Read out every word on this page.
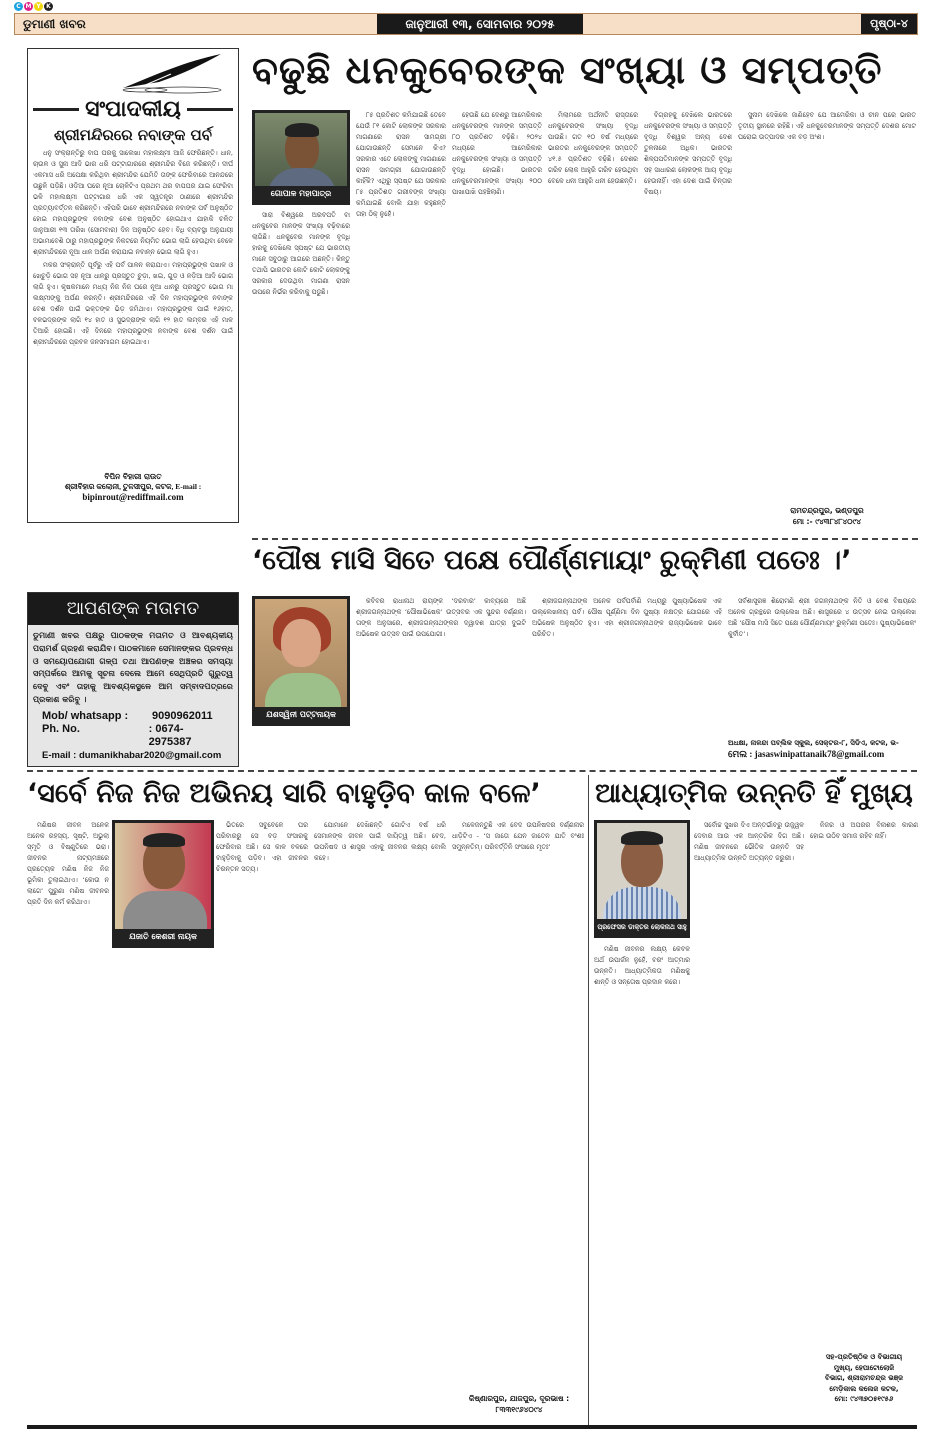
C M Y K
ଡୁମାଣୀ ଖବର	ଜାନୁଆରୀ ୧୩, ସୋମବାର ୨୦୨୫	ପୃଷ୍ଠା-୪
ସଂପାଦକୀୟ
ଶ୍ରୀମନ୍ଦିରରେ ନବାଙ୍କ ପର୍ବ

ଧନୁ ସଂକ୍ରାନ୍ତିରୁ ବାଘ ଘରକୁ ସାଲେଖା ମହାଲକ୍ଷ୍ମୀ ଆଜି ଫେରିଛନ୍ତି। ଧାନ, ଚାଉଳ ଓ ସୁନା ଆଦି ଭାର ଧରି ପଟ୍ଟାଗାରରେ ଶ୍ରୀମନ୍ଦିର ବିଜେ କରିଛନ୍ତି। ଦୀର୍ଘ ଏକମାସ ଧରି ଅପେକ୍ଷା କରିଥିବା ଶ୍ରୀମନ୍ଦିର ଯେମିତି ତାଙ୍କ ଫେରିବାରେ ଆନନ୍ଦରେ ଉଛୁଳି ପଡ଼ିଛି। ଓଡ଼ିଆ ଘରେ ନୂଆ ଚୋଳିଟିଏ ପ୍ରଥମ ଥର ବାପଘର ଯାଇ ଫେରିବା ଭଳି ମହାଲକ୍ଷ୍ମୀ ପଟ୍ଟାଗାର ଧରି ଏକ ସ୍ୱତନ୍ତ୍ର ଠାଣୀରେ ଶ୍ରୀମନ୍ଦିର ପ୍ରତ୍ୟାବର୍ତ୍ତନ କରିଛନ୍ତି। ଏହିପରି ଭାବେ ଶ୍ରୀମନ୍ଦିରରେ ନବାଙ୍କ ପର୍ବ ଅନୁଷ୍ଠିତ ହୋଇ ମହାପ୍ରଭୁଙ୍କ ନବାଙ୍କ ବେଶ ଅନୁଷ୍ଠିତ ହୋଇଥାଏ ଯାହାକି ଚଳିତ ଜାନୁଆରୀ ୧୩ ତାରିଖ (ସୋମବାର) ଦିନ ଅନୁଷ୍ଠିତ ହେବ। ବିଧି ବ୍ୟବସ୍ଥା ଅନୁଯାୟୀ ଅଭାମାବେଶି ଠାରୁ ମହାପ୍ରଭୁଙ୍କ ନିକଟରେ ନିୟମିତ ଭୋଗ ଲାଗି ହେଉଥିବା ବେଳେ ଶ୍ରୀମନ୍ଦିରରେ ନୂଆ ଧାନ ଅର୍ପଣ କରାଯାଇ ନବାନ୍ନ ଭୋଗ ଲାଗି ହୁଏ।

ମକର ସଂକ୍ରାନ୍ତି ପୂର୍ବରୁ ଏହି ପର୍ବ ପାଳନ କରାଯାଏ। ମହାପ୍ରଭୁଙ୍କ ପଖାଳ ଓ ଖେଚୁଡ଼ି ଭୋଗ ସହ ନୂଆ ଧାନରୁ ପ୍ରସ୍ତୁତ ଚୁଡ଼ା, ଖଇ, ଗୁଡ଼ ଓ ନଡ଼ିଆ ଆଦି ଭୋଗ ଲାଗି ହୁଏ। କୃଷକମାନେ ମଧ୍ୟ ନିଜ ନିଜ ଘରେ ନୂଆ ଧାନରୁ ପ୍ରସ୍ତୁତ ଭୋଗ ମା ଲକ୍ଷ୍ମୀଙ୍କୁ ଅର୍ପଣ କରନ୍ତି। ଶ୍ରୀମନ୍ଦିରରେ ଏହି ଦିନ ମହାପ୍ରଭୁଙ୍କ ନବାଙ୍କ ବେଶ ଦର୍ଶନ ପାଇଁ ଭକ୍ତଙ୍କ ଭିଡ଼ ଜମିଥାଏ। ମହାପ୍ରଭୁଙ୍କ ପାଇଁ ୧୬ହାତ, ବଳଭଦ୍ରଙ୍କ ଲାଗି ୧୪ ହାତ ଓ ସୁଭଦ୍ରାଙ୍କ ଲାଗି ୧୨ ହାତ ଲମ୍ବର ଏହି ମାଳ ତିଆରି ହୋଇଛି। ଏହି ଦିନରେ ମହାପ୍ରଭୁଙ୍କ ନବାଙ୍କ ବେଶ ଦର୍ଶନ ପାଇଁ ଶ୍ରୀମନ୍ଦିରରେ ପ୍ରବଳ ଜନସମାଗମ ହୋଇଥାଏ।

ବିପିନ ବିହାରୀ ରାଉତ
ଶ୍ରୀବିହାର କଲୋନୀ, ତୁଳସୀପୁର, କଟକ, E-mail :
bipinrout@rediffmail.com
ଆପଣଙ୍କ ମତାମତ
ଡୁମାଣୀ ଖବର ପକ୍ଷରୁ ପାଠକଙ୍କ ମତାମତ ଓ ଆବଶ୍ୟକୀୟ ପରାମର୍ଶ ଗ୍ରହଣ କରାଯିବ। ପାଠକମାନେ ସେମାନଙ୍କର ପ୍ରବନ୍ଧ ଓ ସମୟୋପଯୋଗୀ ଗଳ୍ପ ତଥା ଆପଣଙ୍କ ଅଞ୍ଚଳର ସମସ୍ୟା ସମ୍ପର୍କରେ ଆମକୁ ସୂଚନା ଦେଲେ ଆମେ ସେଥିପ୍ରତି ଗୁରୁତ୍ୱ ଦେବୁ ଏବଂ ତାହାକୁ ଆବଶ୍ୟକସ୍ଥଳେ ଆମ ସମ୍ବାଦପତ୍ରରେ ପ୍ରକାଶ କରିବୁ ।
Mob/ whatsapp :	9090962011
Ph. No.	: 0674-2975387
E-mail : dumanikhabar2020@gmail.com
ବଢୁଛି ଧନକୁବେରଙ୍କ ସଂଖ୍ୟା ଓ ସମ୍ପତ୍ତି
ଗୋପାଳ ମହାପାତ୍ର

ସାରା ବିଶ୍ୱରେ ଅରବପତି ବା ଧନକୁବେର ମାନଙ୍କ ସଂଖ୍ୟା ବଢ଼ିବାରେ ଲାଗିଛି। ଧନକୁବେର ମାନଙ୍କ ବୃଦ୍ଧି ହାରକୁ ଦେଖିଲେ ସ୍ପଷ୍ଟ ଯେ ଭାରତୀୟ ମାନେ ସବୁଠାରୁ ଆଗରେ ଅଛନ୍ତି। କିନ୍ତୁ ତଥାପି ଭାରତର କୋଟି କୋଟି ଲୋକଙ୍କୁ ସରକାର ଦେଉଥିବା ମାଗଣା ରାସନ ଉପରେ ନିର୍ଭର କରିବାକୁ ପଡୁଛି।

୮୫ ପ୍ରତିଶତ କମିଯାଇଛି ତେବେ ଯେଉଁ ୮୧ କୋଟି ଲୋକଙ୍କ ସରକାର ମାଗଣାରେ ରାସନ ସାମଗ୍ରୀ ଯୋଗାଉଛନ୍ତି ସେମାନେ କିଏ? ସରକାର ଏତେ ଲୋକଙ୍କୁ ମାଗଣାରେ ରାସନ ସାମଗ୍ରୀ ଯୋଗାଉଛନ୍ତି କାହିଁକି? ଏଥିରୁ ସ୍ପଷ୍ଟ ଯେ ସରକାର ୮୫ ପ୍ରତିଶତ ଗରୀବଙ୍କ ସଂଖ୍ୟା କମିଯାଇଛି ବୋଲି ଯାହା କହୁଛନ୍ତି ତାହା ଠିକ୍ ନୁହେଁ।

ହେଉଛି ଯେ ଦେଶରୁ ଆମେରିକାର ଧନକୁବେରଙ୍କ ମାନଙ୍କ ସମ୍ପତ୍ତି ୮୦ ପ୍ରତିଶତ ବଢ଼ିଛି। ୨୦୨୪ ମଧ୍ୟରେ ଆମେରିକାର ଧନକୁବେରଙ୍କ ସଂଖ୍ୟା ଓ ସମ୍ପତ୍ତି ବୃଦ୍ଧି ହୋଇଛି। ଭାରତର ଧନକୁବେରମାନଙ୍କ ସଂଖ୍ୟା ୨୦୦ ପାଖାପାଖି ପହଞ୍ଚିଲାଣି।

ମିଲାମରେ ଅର୍ଥନୀତି ରାସ୍ତାରେ ଧନକୁବେରଙ୍କ ସଂଖ୍ୟା ବୃଦ୍ଧି ପାଉଛି। ଗତ ୧୦ ବର୍ଷ ମଧ୍ୟରେ ଭାରତର ଧନକୁବେରଙ୍କ ସମ୍ପତ୍ତି ୪୧.୫ ପ୍ରତିଶତ ବଢ଼ିଛି। ଦେଶର ଗରିବ ଲୋକ ଆହୁରି ଗରିବ ହେଉଥିବା ବେଳେ ଧନୀ ଆହୁରି ଧନୀ ହେଉଛନ୍ତି।

ବିଗ୍ରହକୁ ଦେଖିଲେ ଭାରତରେ ଧନକୁବେରଙ୍କ ସଂଖ୍ୟା ଓ ସମ୍ପତ୍ତି ବୃଦ୍ଧି ବିଶ୍ୱର ଅନ୍ୟ ଦେଶ ତୁଳନାରେ ଅଧିକ। ଭାରତର ଶିଳ୍ପପତିମାନଙ୍କ ସମ୍ପତ୍ତି ବୃଦ୍ଧି ସହ ସାଧାରଣ ଲୋକଙ୍କ ଆୟ ବୃଦ୍ଧି ହେଉନାହିଁ। ଏହା ଦେଶ ପାଇଁ ଚିନ୍ତାର ବିଷୟ।

ସୁନାମ ଦେଖିଲେ ଜାଣିହେବ ଯେ ଆମେରିକା ଓ ଚୀନ ପରେ ଭାରତ ତୃତୀୟ ସ୍ଥାନରେ ରହିଛି। ଏହି ଧନକୁବେରମାନଙ୍କ ସମ୍ପତ୍ତି ଦେଶର ମୋଟ ଘରୋଇ ଉତ୍ପାଦର ଏକ ବଡ଼ ଅଂଶ।

ରାମଚନ୍ଦ୍ରପୁର, ଭଣ୍ଡପୁର
ମୋ :- ୯୪୩୮୪୮୪୦୯୪
‘ପୌଷ ମାସି ସିତେ ପକ୍ଷେ ପୌର୍ଣ୍ଣମାୟାଂ ରୁକ୍ମିଣୀ ପତେଃ ।’
ଯଶସ୍ୱିନୀ ପଟ୍ଟନାୟକ

କବିବର ରାଧାନାଥ ରାୟଙ୍କ ‘ଦରବାର’ କାବ୍ୟରେ ଅଛି ଶ୍ରୀଜଗନ୍ନାଥଙ୍କ ‘ପୌଷାଭିଷେକ’ ଉତ୍ସବର ଏକ ସୁନ୍ଦର ବର୍ଣ୍ଣନା। ତାଙ୍କ ଅନୁସାରେ, ଶ୍ରୀଜଗନ୍ନାଥଙ୍କର ଦ୍ୱାଦଶ ଯାତ୍ରା ଦୁଇଟି ଅଭିଷେକ ଉତ୍ସବ ପାଇଁ ଉପଯୋଗୀ।

ଶ୍ରୀଜଗନ୍ନାଥଙ୍କ ଅନେକ ପର୍ବପର୍ବାଣି ମଧ୍ୟରୁ ପୁଷ୍ୟାଭିଷେକ ଏକ ଉଲ୍ଲେଖନୀୟ ପର୍ବ। ପୌଷ ପୂର୍ଣ୍ଣିମା ଦିନ ପୁଷ୍ୟା ନକ୍ଷତ୍ର ଯୋଗରେ ଏହି ଅଭିଷେକ ଅନୁଷ୍ଠିତ ହୁଏ। ଏହା ଶ୍ରୀଜଗନ୍ନାଥଙ୍କ ରାଜ୍ୟାଭିଷେକ ଭାବେ ପରିଚିତ।

ସର୍ବଶାସ୍ତ୍ରଜ୍ଞ ଶିରୋମଣି ଶ୍ରୀ ଜଗନ୍ନାଥଙ୍କ ନିତି ଓ ବେଶ ବିଷୟରେ ଅନେକ ଗ୍ରନ୍ଥରେ ଉଲ୍ଲେଖ ଅଛି। ଶାସ୍ତ୍ରରେ ୪ ଉତ୍ସବ ନେଇ ଉଲ୍ଲେଖ ଅଛି ‘ପୌଷ ମାସି ସିତେ ପକ୍ଷେ ପୌର୍ଣ୍ଣମାୟାଂ ରୁକ୍ମିଣୀ ପତେଃ। ପୁଷ୍ୟାଭିଷେକଂ କୁର୍ବୀତ’।

ଅଧକ୍ଷା, ନାଳନ୍ଦା ପବ୍ଲିକ ସ୍କୁଲ, ସେକ୍ଟର-୮, ସିଡିଏ, କଟକ, ଭ-
ମେଲ : jasaswinipattanaik78@gmail.com
‘ସର୍ବେ ନିଜ ନିଜ ଅଭିନୟ ସାରି ବାହୁଡ଼ିବ କାଳ ବଳେ’
ଯଜାତି କେଶରୀ ନାୟକ

ମଣିଷର ଜୀବନ ଅନେକ ଅନେକ ରହସ୍ୟ, ସୃଷ୍ଟି, ଅଭୁଲା ସ୍ମୃତି ଓ ବିଷ୍ଣୁତିରେ ଭରା। ଜୀବନର ନାଟ୍ୟମଞ୍ଚରେ ପ୍ରତ୍ୟେକ ମଣିଷ ନିଜ ନିଜ ଭୂମିକା ତୁଲାଇଥାଏ। ‘କୋଉ ନ ଲାଗେ’ ପୁରୁଣା ମଣିଷ ଜୀବନର ପ୍ରତି ଦିନ କର୍ମ କରିଥାଏ।

ଭିତରେ ସବୁବେଳେ ଘର ପରିବାରରୁ ସେ ବଡ଼ ସଂସାରକୁ ଫେରିବାର ଅଛି। ସେ କାଳ ବଳରେ ବାହୁଡ଼ିବାକୁ ପଡ଼ିବ। ଏହା ଜୀବନର ଚିରନ୍ତନ ସତ୍ୟ।

ଯୋମାନେ ଦେଖିଛନ୍ତି ଗୋଟିଏ ବର୍ଷ ଧରି ସେମାନଙ୍କ ଜୀବନ ପାଇଁ ଦାୟିତ୍ୱ ଅଛି। ବେଦ, ଉପନିଷଦ ଓ ଶାସ୍ତ୍ର ଏହାକୁ ଜୀବନର ଲକ୍ଷ୍ୟ ବୋଲି କହେ।

ମଳେଜନ୍ତୁଛି ଏକ ବେଦ ଉପନିଷଦର ବର୍ଣ୍ଣନାର ଧାଡ଼ିଟିଏ - ‘ସ ଜାତୋ ଯେନ ଜାତେନ ଯାତି ବଂଶଃ ସମୁନ୍ନତିମ୍। ପରିବର୍ତ୍ତିନି ସଂସାରେ ମୃତଃ’

କିଷ୍ଣାରପୁର, ଯାଜପୁର, ଦୂରଭାଷ :
୮୩୩୧୯୬୪୦୯୪
ଆଧ୍ୟାତ୍ମିକ ଉନ୍ନତି ହିଁ ମୁଖ୍ୟ
ପ୍ରଫେସର ଡାକ୍ତର ଲୋକନାଥ ସାହୁ

ସର୍ବୋଚ୍ଚ ସୁଖର ଦିଏ ଅନ୍ତର୍ଭାବରୁ ଉଜ୍ଜ୍ୱଳ ଦେବାର ଆଉ ଏକ ଆନ୍ତରିକ ଦିଗ ଅଛି। ମଣିଷ ଜୀବନରେ ଭୌତିକ ଉନ୍ନତି ସହ ଆଧ୍ୟାତ୍ମିକ ଉନ୍ନତି ଅତ୍ୟନ୍ତ ଜରୁରୀ।

ମଣିଷ ଜୀବନର ଲକ୍ଷ୍ୟ କେବଳ ଅର୍ଥ ଉପାର୍ଜନ ନୁହେଁ, ବରଂ ଆତ୍ମାର ଉନ୍ନତି। ଆଧ୍ୟାତ୍ମିକତା ମଣିଷକୁ ଶାନ୍ତି ଓ ସନ୍ତୋଷ ପ୍ରଦାନ କରେ।

ନିଜର ଓ ଅପରର ବିନାଶର କାରଣ ହୋଇ ଉଠିବ ସମାଜ ରହିବ ନାହିଁ।

ସହ-ପ୍ରତିଷ୍ଠିକ ଓ ବିଭାଗୀୟ
ମୁଖ୍ୟ, ହେପାଟୋଲୋଜି
ବିଭାଗ, ଶ୍ରୀରାମଚନ୍ଦ୍ର ଭଞ୍ଜ
ମେଡ଼ିକାଲ କଲେଜ କଟକ,
ମୋ: ୯୪୩୭୦୫୧୯୫୬
